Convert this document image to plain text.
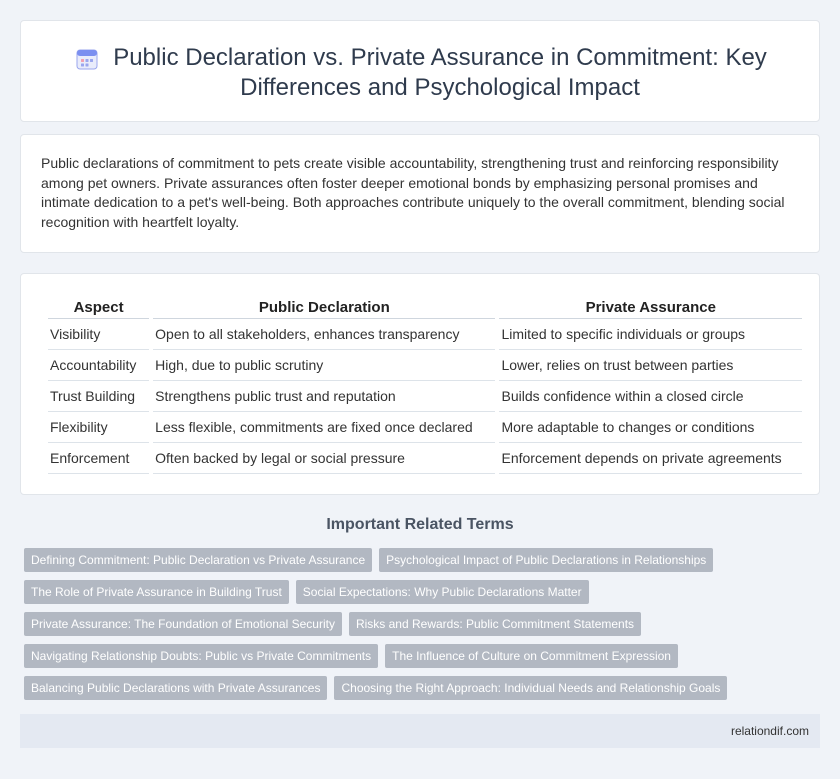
Public Declaration vs. Private Assurance in Commitment: Key Differences and Psychological Impact

Public declarations of commitment to pets create visible accountability, strengthening trust and reinforcing responsibility among pet owners. Private assurances often foster deeper emotional bonds by emphasizing personal promises and intimate dedication to a pet's well-being. Both approaches contribute uniquely to the overall commitment, blending social recognition with heartfelt loyalty.

Aspect	Public Declaration	Private Assurance
Visibility	Open to all stakeholders, enhances transparency	Limited to specific individuals or groups
Accountability	High, due to public scrutiny	Lower, relies on trust between parties
Trust Building	Strengthens public trust and reputation	Builds confidence within a closed circle
Flexibility	Less flexible, commitments are fixed once declared	More adaptable to changes or conditions
Enforcement	Often backed by legal or social pressure	Enforcement depends on private agreements
Important Related Terms
Defining Commitment: Public Declaration vs Private Assurance	Psychological Impact of Public Declarations in Relationships
The Role of Private Assurance in Building Trust	Social Expectations: Why Public Declarations Matter
Private Assurance: The Foundation of Emotional Security	Risks and Rewards: Public Commitment Statements
Navigating Relationship Doubts: Public vs Private Commitments	The Influence of Culture on Commitment Expression
Balancing Public Declarations with Private Assurances	Choosing the Right Approach: Individual Needs and Relationship Goals
relationdif.com
